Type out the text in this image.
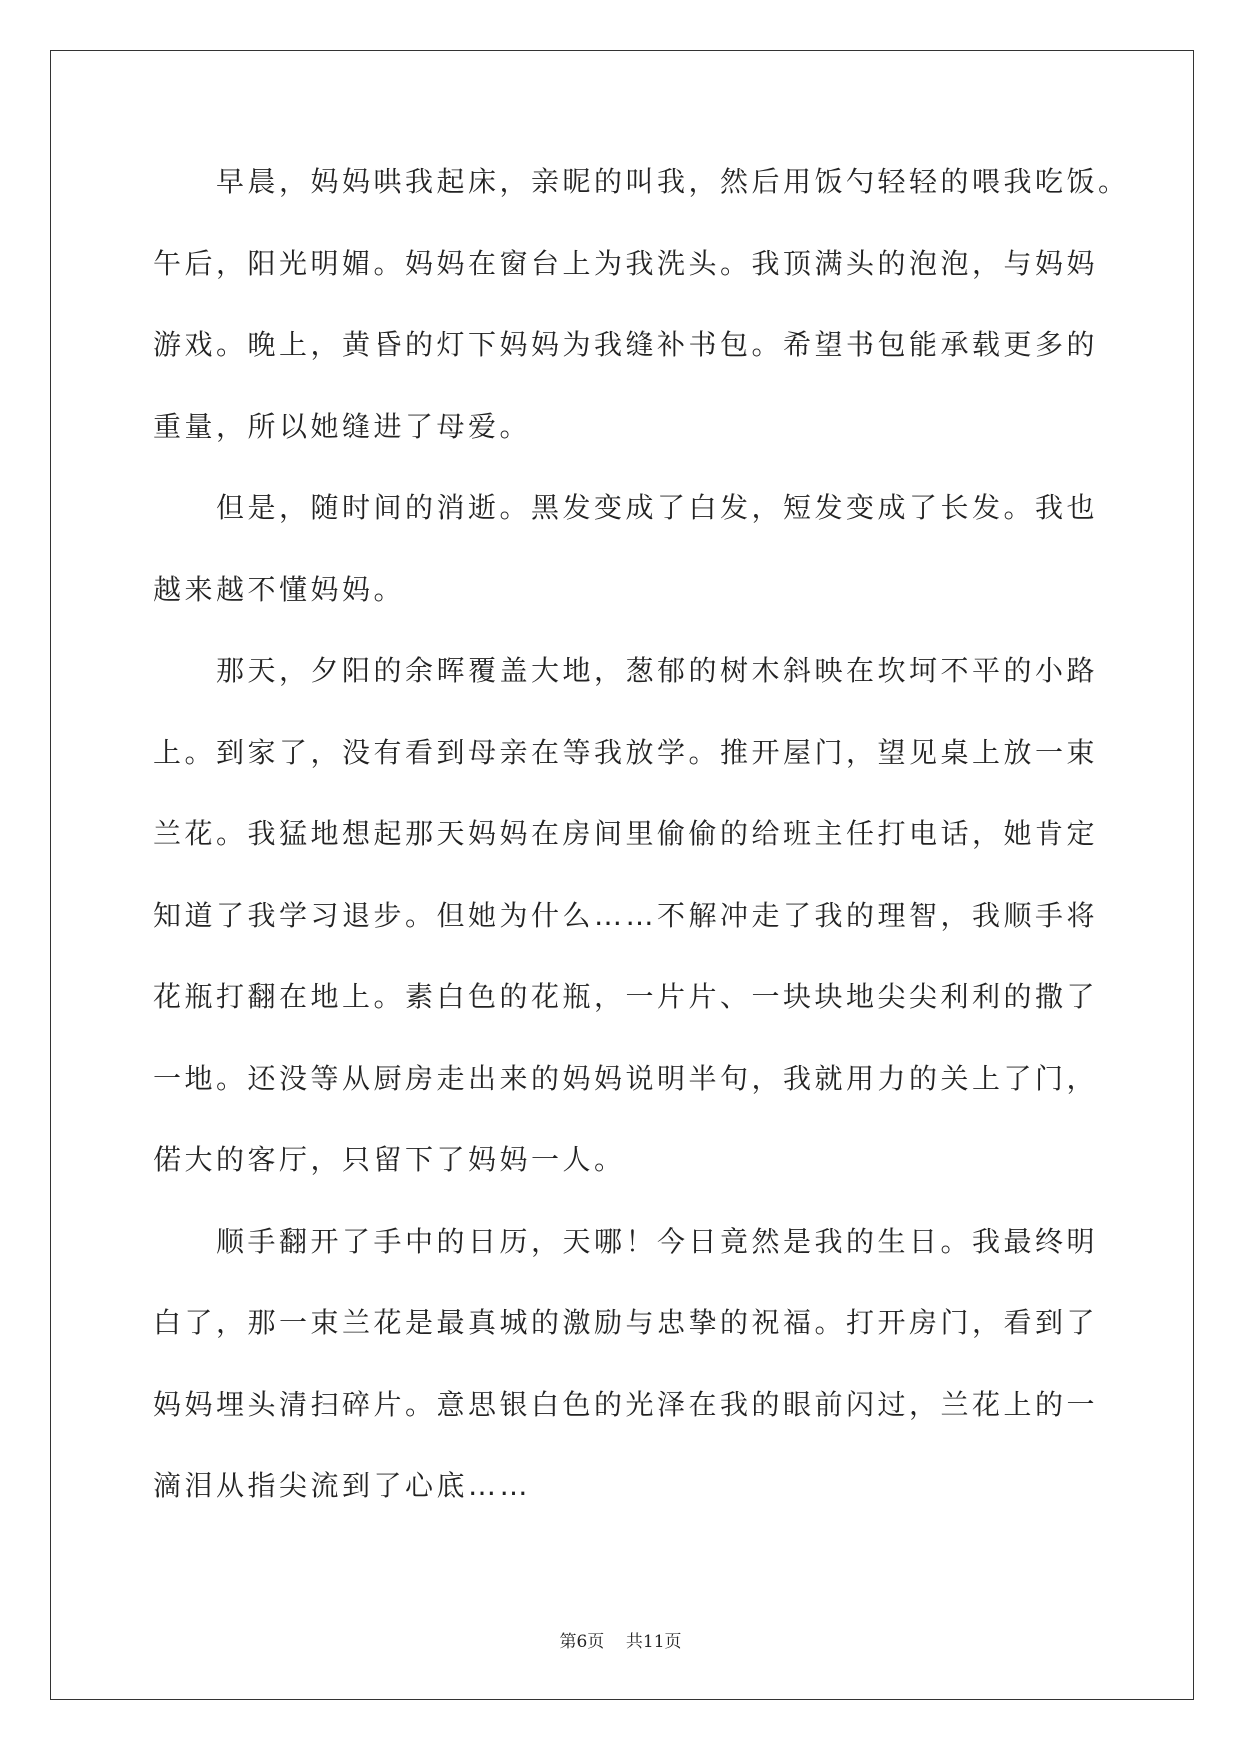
早晨，妈妈哄我起床，亲昵的叫我，然后用饭勺轻轻的喂我吃饭。
午后，阳光明媚。妈妈在窗台上为我洗头。我顶满头的泡泡，与妈妈
游戏。晚上，黄昏的灯下妈妈为我缝补书包。希望书包能承载更多的
重量，所以她缝进了母爱。
但是，随时间的消逝。黑发变成了白发，短发变成了长发。我也
越来越不懂妈妈。
那天，夕阳的余晖覆盖大地，葱郁的树木斜映在坎坷不平的小路
上。到家了，没有看到母亲在等我放学。推开屋门，望见桌上放一束
兰花。我猛地想起那天妈妈在房间里偷偷的给班主任打电话，她肯定
知道了我学习退步。但她为什么……不解冲走了我的理智，我顺手将
花瓶打翻在地上。素白色的花瓶，一片片、一块块地尖尖利利的撒了
一地。还没等从厨房走出来的妈妈说明半句，我就用力的关上了门，
偌大的客厅，只留下了妈妈一人。
顺手翻开了手中的日历，天哪！今日竟然是我的生日。我最终明
白了，那一束兰花是最真城的激励与忠挚的祝福。打开房门，看到了
妈妈埋头清扫碎片。意思银白色的光泽在我的眼前闪过，兰花上的一
滴泪从指尖流到了心底……
第6页    共11页
